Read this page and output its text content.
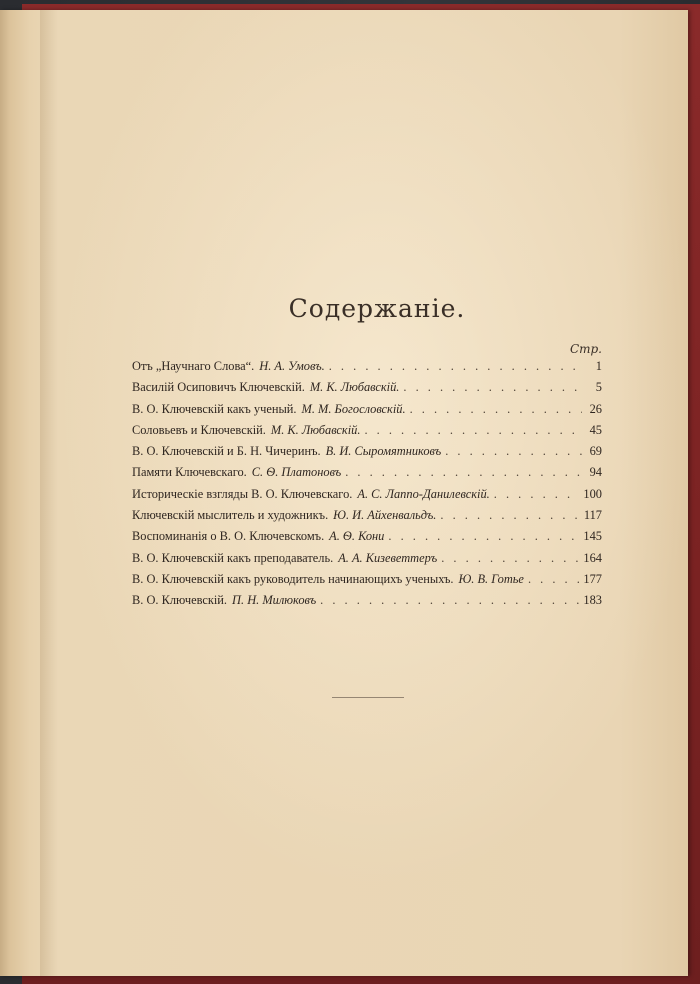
Содержаніе.
Стр.
Отъ „Научнаго Слова“. Н. А. Умовъ. . . .	1
Василій Осиповичъ Ключевскій. М. К. Любавскій. . . .	5
В. О. Ключевскій какъ ученый. М. М. Богословскій. . . .	26
Соловьевъ и Ключевскій. М. К. Любавскій. . . .	45
В. О. Ключевскій и Б. Н. Чичеринъ. В. И. Сыромятниковъ . . .	69
Памяти Ключевскаго. С. Ѳ. Платоновъ . . .	94
Историческіе взгляды В. О. Ключевскаго. А. С. Лаппо-Данилевскій. . . .	100
Ключевскій мыслитель и художникъ. Ю. И. Айхенвальдъ. . . .	117
Воспоминанія о В. О. Ключевскомъ. А. Ѳ. Кони . . .	145
В. О. Ключевскій какъ преподаватель. А. А. Кизеветтеръ . . .	164
В. О. Ключевскій какъ руководитель начинающихъ ученыхъ. Ю. В. Готье . . .	177
В. О. Ключевскій. П. Н. Милюковъ . . .	183
